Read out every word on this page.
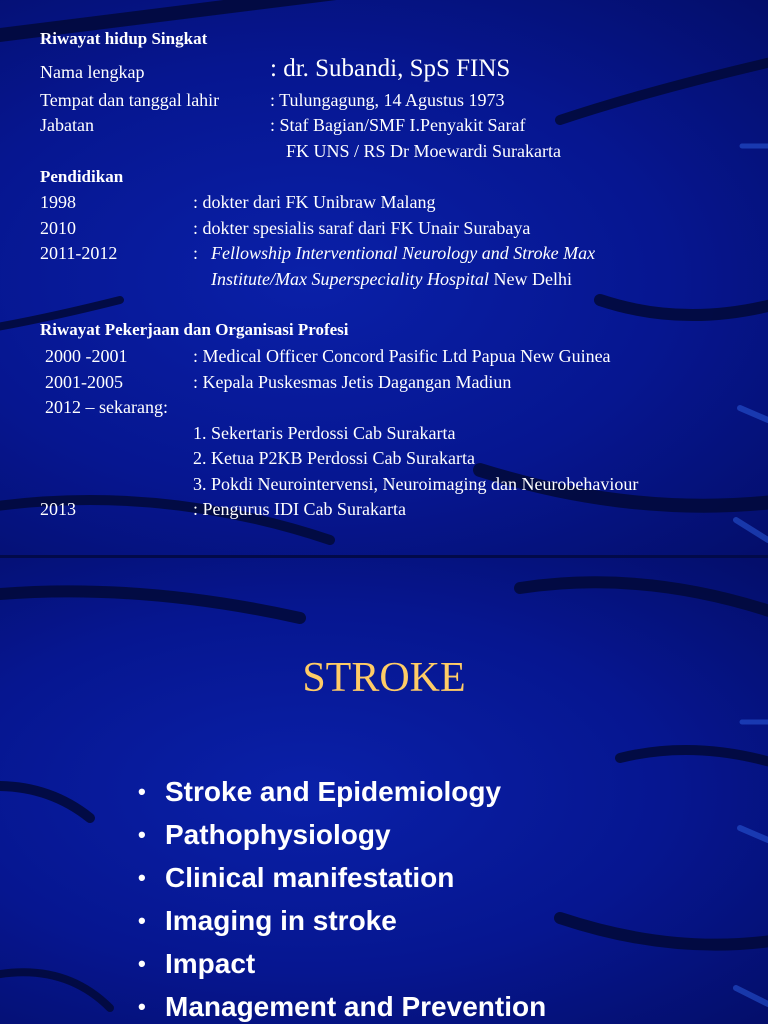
Riwayat hidup Singkat
Nama lengkap	: dr. Subandi, SpS FINS
Tempat dan tanggal lahir	: Tulungagung, 14 Agustus 1973
Jabatan	: Staf Bagian/SMF I.Penyakit Saraf
FK UNS / RS Dr Moewardi Surakarta
Pendidikan
1998	: dokter dari FK Unibraw Malang
2010	: dokter spesialis saraf dari FK Unair Surabaya
2011-2012	: Fellowship Interventional Neurology and Stroke Max
Institute/Max Superspeciality Hospital New Delhi
Riwayat Pekerjaan dan Organisasi Profesi
2000 -2001	: Medical Officer Concord Pasific Ltd Papua New Guinea
2001-2005	: Kepala Puskesmas Jetis Dagangan Madiun
2012 – sekarang:
1. Sekertaris Perdossi Cab Surakarta
2. Ketua P2KB Perdossi Cab Surakarta
3. Pokdi Neurointervensi, Neuroimaging dan Neurobehaviour
2013	: Pengurus IDI Cab Surakarta
STROKE
• Stroke and Epidemiology
• Pathophysiology
• Clinical manifestation
• Imaging in stroke
• Impact
• Management and Prevention
